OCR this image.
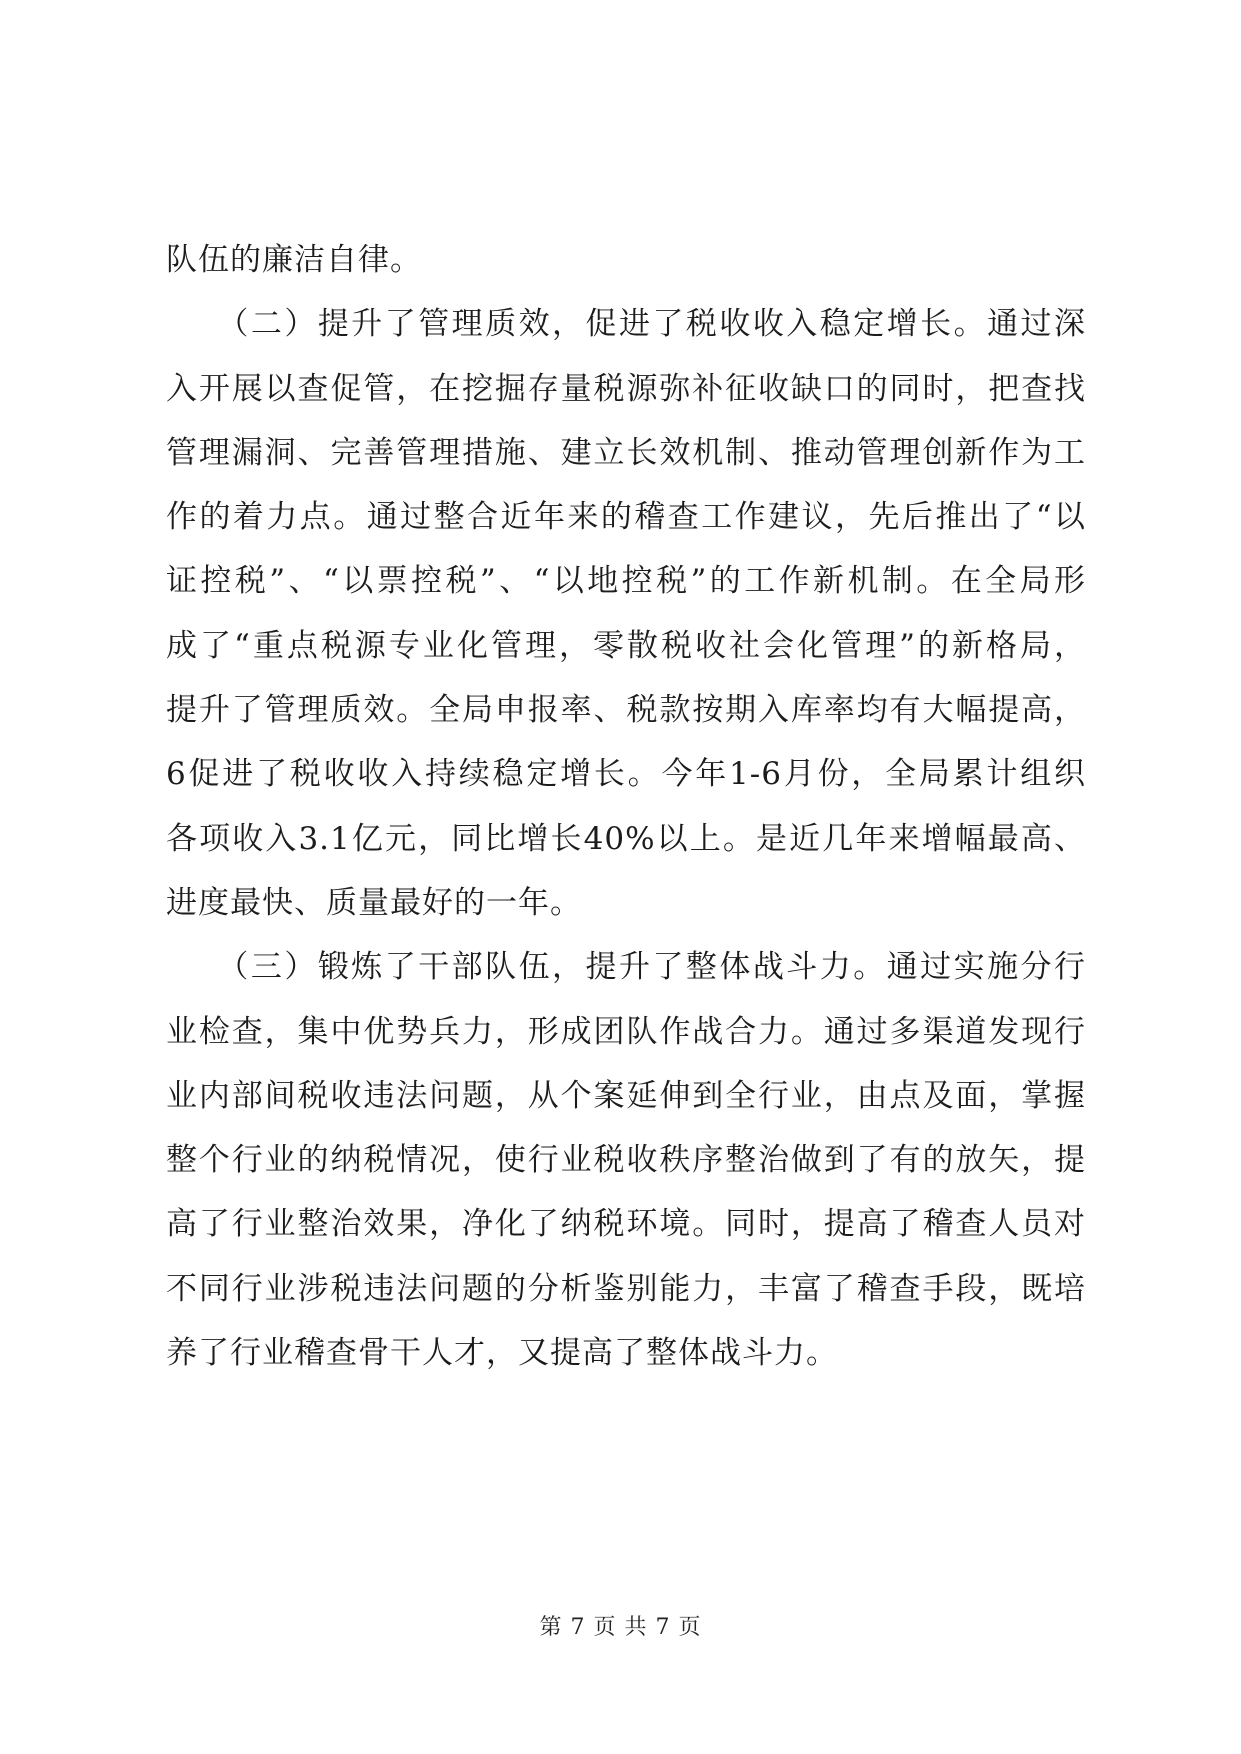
队伍的廉洁自律。
　　（二）提升了管理质效，促进了税收收入稳定增长。通过深
入开展以查促管，在挖掘存量税源弥补征收缺口的同时，把查找
管理漏洞、完善管理措施、建立长效机制、推动管理创新作为工
作的着力点。通过整合近年来的稽查工作建议，先后推出了“以
证控税”、“以票控税”、“以地控税”的工作新机制。在全局形
成了“重点税源专业化管理，零散税收社会化管理”的新格局，
提升了管理质效。全局申报率、税款按期入库率均有大幅提高，
6促进了税收收入持续稳定增长。今年1-6月份，全局累计组织
各项收入3.1亿元，同比增长40%以上。是近几年来增幅最高、
进度最快、质量最好的一年。
　　（三）锻炼了干部队伍，提升了整体战斗力。通过实施分行
业检查，集中优势兵力，形成团队作战合力。通过多渠道发现行
业内部间税收违法问题，从个案延伸到全行业，由点及面，掌握
整个行业的纳税情况，使行业税收秩序整治做到了有的放矢，提
高了行业整治效果，净化了纳税环境。同时，提高了稽查人员对
不同行业涉税违法问题的分析鉴别能力，丰富了稽查手段，既培
养了行业稽查骨干人才，又提高了整体战斗力。
第 7 页 共 7 页
